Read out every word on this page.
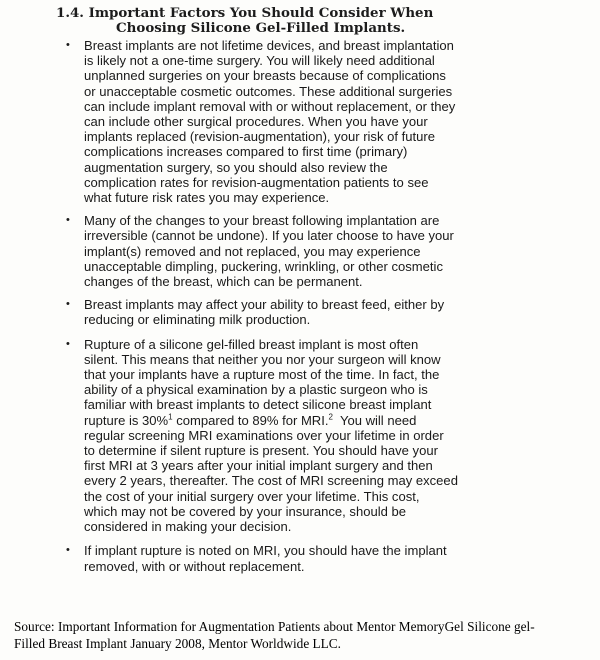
1.4. Important Factors You Should Consider When
Choosing Silicone Gel-Filled Implants.
•	Breast implants are not lifetime devices, and breast implantation
is likely not a one-time surgery. You will likely need additional
unplanned surgeries on your breasts because of complications
or unacceptable cosmetic outcomes. These additional surgeries
can include implant removal with or without replacement, or they
can include other surgical procedures. When you have your
implants replaced (revision-augmentation), your risk of future
complications increases compared to first time (primary)
augmentation surgery, so you should also review the
complication rates for revision-augmentation patients to see
what future risk rates you may experience.
•	Many of the changes to your breast following implantation are
irreversible (cannot be undone). If you later choose to have your
implant(s) removed and not replaced, you may experience
unacceptable dimpling, puckering, wrinkling, or other cosmetic
changes of the breast, which can be permanent.
•	Breast implants may affect your ability to breast feed, either by
reducing or eliminating milk production.
•	Rupture of a silicone gel-filled breast implant is most often
silent. This means that neither you nor your surgeon will know
that your implants have a rupture most of the time. In fact, the
ability of a physical examination by a plastic surgeon who is
familiar with breast implants to detect silicone breast implant
rupture is 30%$^1$ compared to 89% for MRI.$^2$  You will need
regular screening MRI examinations over your lifetime in order
to determine if silent rupture is present. You should have your
first MRI at 3 years after your initial implant surgery and then
every 2 years, thereafter. The cost of MRI screening may exceed
the cost of your initial surgery over your lifetime. This cost,
which may not be covered by your insurance, should be
considered in making your decision.
•	If implant rupture is noted on MRI, you should have the implant
removed, with or without replacement.

Source: Important Information for Augmentation Patients about Mentor MemoryGel Silicone gel-
Filled Breast Implant January 2008, Mentor Worldwide LLC.
